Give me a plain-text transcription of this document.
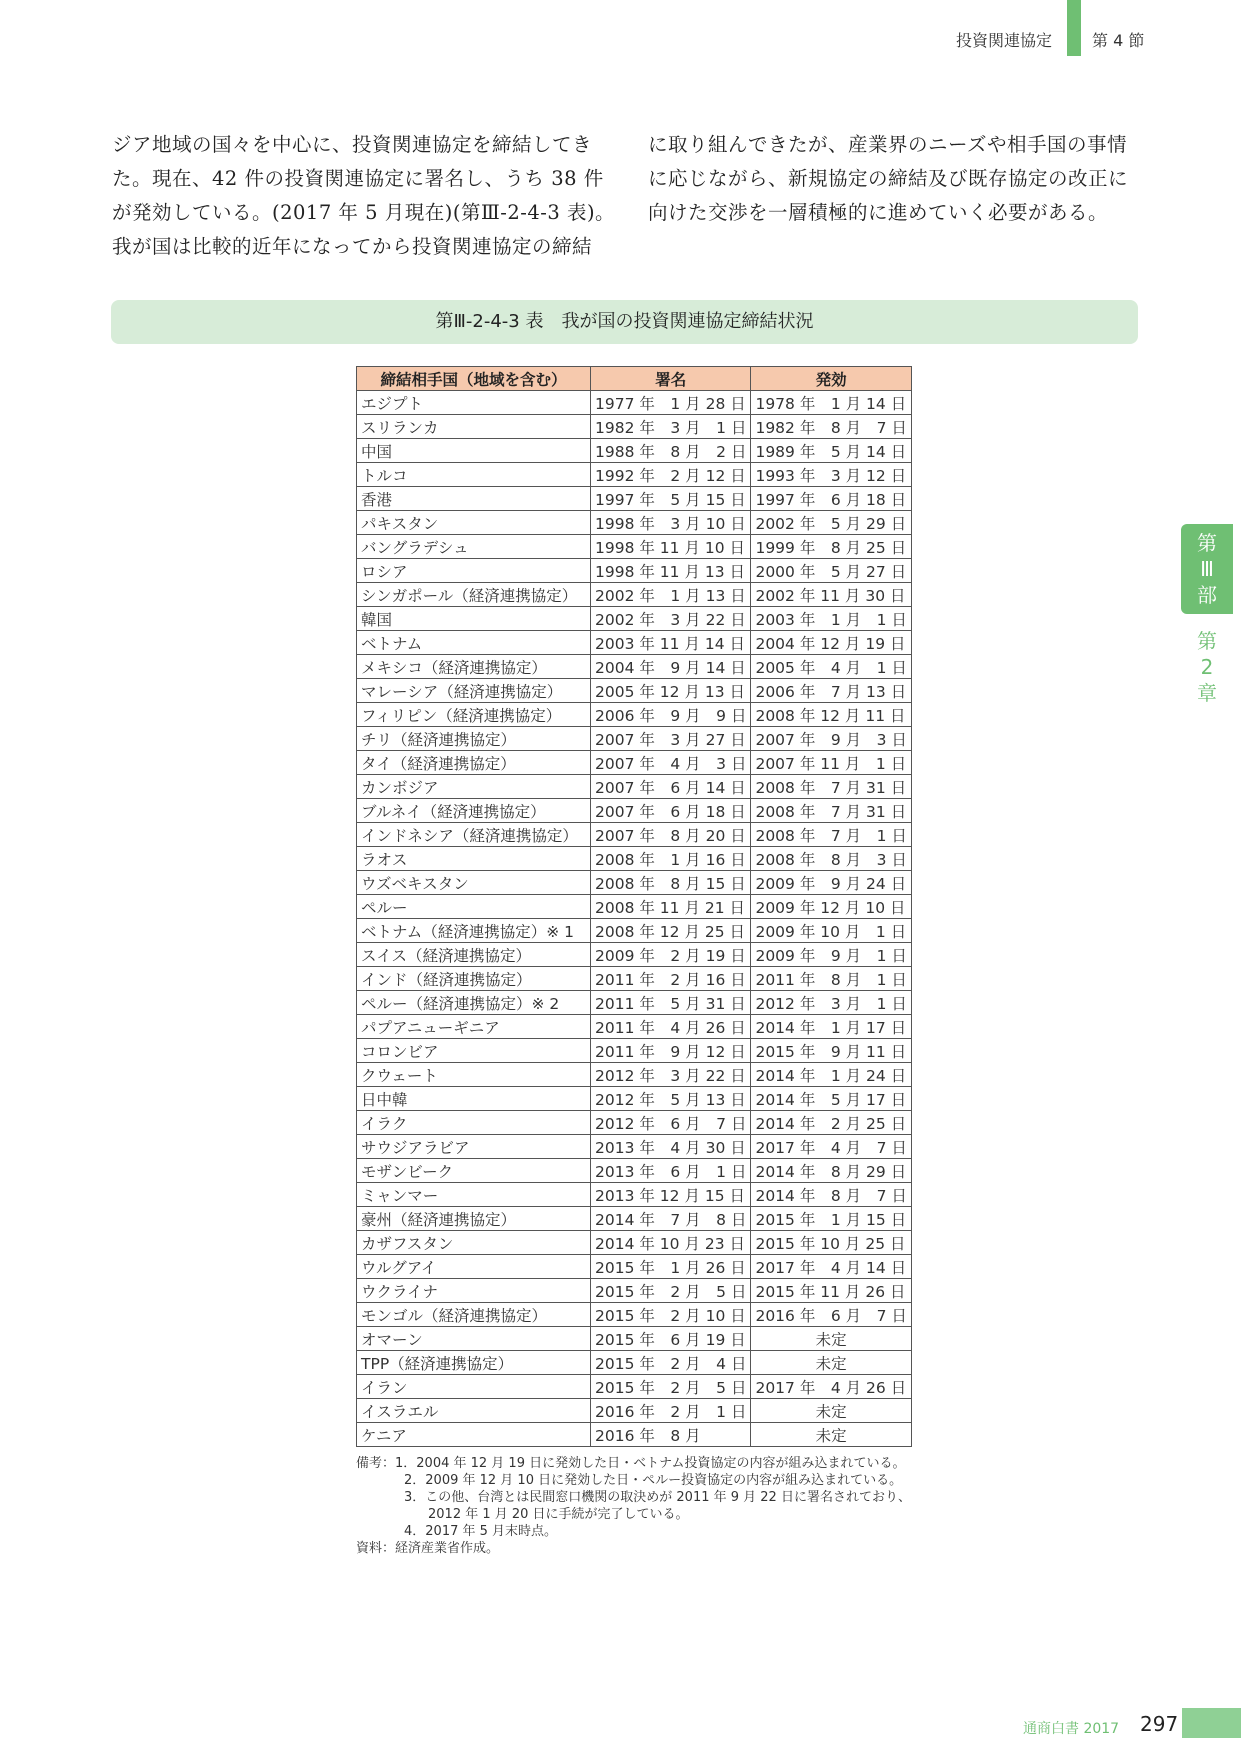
投資関連協定 第 4 節
ジア地域の国々を中心に、投資関連協定を締結してき
た。現在、42 件の投資関連協定に署名し、うち 38 件
が発効している。(2017 年 5 月現在)(第Ⅲ-2-4-3 表)。
我が国は比較的近年になってから投資関連協定の締結
に取り組んできたが、産業界のニーズや相手国の事情
に応じながら、新規協定の締結及び既存協定の改正に
向けた交渉を一層積極的に進めていく必要がある。
第Ⅲ-2-4-3 表　我が国の投資関連協定締結状況
締結相手国（地域を含む）	署名	発効
エジプト	1977 年　1 月 28 日	1978 年　1 月 14 日
スリランカ	1982 年　3 月　1 日	1982 年　8 月　7 日
中国	1988 年　8 月　2 日	1989 年　5 月 14 日
トルコ	1992 年　2 月 12 日	1993 年　3 月 12 日
香港	1997 年　5 月 15 日	1997 年　6 月 18 日
パキスタン	1998 年　3 月 10 日	2002 年　5 月 29 日
バングラデシュ	1998 年 11 月 10 日	1999 年　8 月 25 日
ロシア	1998 年 11 月 13 日	2000 年　5 月 27 日
シンガポール（経済連携協定）	2002 年　1 月 13 日	2002 年 11 月 30 日
韓国	2002 年　3 月 22 日	2003 年　1 月　1 日
ベトナム	2003 年 11 月 14 日	2004 年 12 月 19 日
メキシコ（経済連携協定）	2004 年　9 月 14 日	2005 年　4 月　1 日
マレーシア（経済連携協定）	2005 年 12 月 13 日	2006 年　7 月 13 日
フィリピン（経済連携協定）	2006 年　9 月　9 日	2008 年 12 月 11 日
チリ（経済連携協定）	2007 年　3 月 27 日	2007 年　9 月　3 日
タイ（経済連携協定）	2007 年　4 月　3 日	2007 年 11 月　1 日
カンボジア	2007 年　6 月 14 日	2008 年　7 月 31 日
ブルネイ（経済連携協定）	2007 年　6 月 18 日	2008 年　7 月 31 日
インドネシア（経済連携協定）	2007 年　8 月 20 日	2008 年　7 月　1 日
ラオス	2008 年　1 月 16 日	2008 年　8 月　3 日
ウズベキスタン	2008 年　8 月 15 日	2009 年　9 月 24 日
ペルー	2008 年 11 月 21 日	2009 年 12 月 10 日
ベトナム（経済連携協定）※ 1	2008 年 12 月 25 日	2009 年 10 月　1 日
スイス（経済連携協定）	2009 年　2 月 19 日	2009 年　9 月　1 日
インド（経済連携協定）	2011 年　2 月 16 日	2011 年　8 月　1 日
ペルー（経済連携協定）※ 2	2011 年　5 月 31 日	2012 年　3 月　1 日
パプアニューギニア	2011 年　4 月 26 日	2014 年　1 月 17 日
コロンビア	2011 年　9 月 12 日	2015 年　9 月 11 日
クウェート	2012 年　3 月 22 日	2014 年　1 月 24 日
日中韓	2012 年　5 月 13 日	2014 年　5 月 17 日
イラク	2012 年　6 月　7 日	2014 年　2 月 25 日
サウジアラビア	2013 年　4 月 30 日	2017 年　4 月　7 日
モザンビーク	2013 年　6 月　1 日	2014 年　8 月 29 日
ミャンマー	2013 年 12 月 15 日	2014 年　8 月　7 日
豪州（経済連携協定）	2014 年　7 月　8 日	2015 年　1 月 15 日
カザフスタン	2014 年 10 月 23 日	2015 年 10 月 25 日
ウルグアイ	2015 年　1 月 26 日	2017 年　4 月 14 日
ウクライナ	2015 年　2 月　5 日	2015 年 11 月 26 日
モンゴル（経済連携協定）	2015 年　2 月 10 日	2016 年　6 月　7 日
オマーン	2015 年　6 月 19 日	未定
TPP（経済連携協定）	2015 年　2 月　4 日	未定
イラン	2015 年　2 月　5 日	2017 年　4 月 26 日
イスラエル	2016 年　2 月　1 日	未定
ケニア	2016 年　8 月	未定

備考：1．2004 年 12 月 19 日に発効した日・ベトナム投資協定の内容が組み込まれている。

2．2009 年 12 月 10 日に発効した日・ペルー投資協定の内容が組み込まれている。

3．この他、台湾とは民間窓口機関の取決めが 2011 年 9 月 22 日に署名されており、2012 年 1 月 20 日に手続が完了している。

4．2017 年 5 月末時点。

資料：経済産業省作成。

第
Ⅲ
部
第
2
章
通商白書 2017 297
